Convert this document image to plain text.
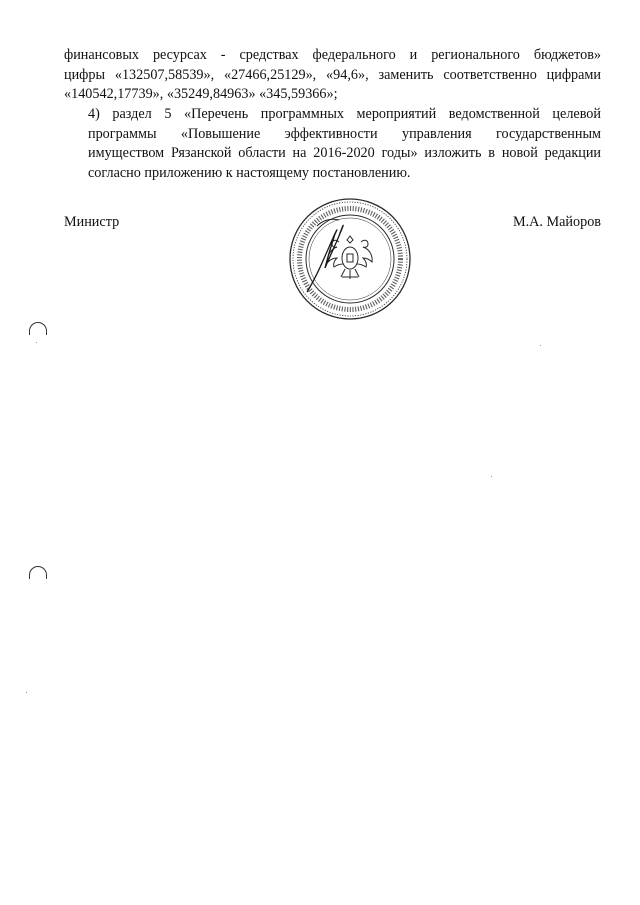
финансовых ресурсах - средствах федерального и регионального бюджетов»
цифры «132507,58539», «27466,25129», «94,6», заменить соответственно цифрами
«140542,17739», «35249,84963» «345,59366»;
4) раздел 5 «Перечень программных мероприятий ведомственной целевой
программы «Повышение эффективности управления государственным
имуществом Рязанской области на 2016-2020 годы» изложить в новой редакции
согласно приложению к настоящему постановлению.
Министр	М.А. Майоров
